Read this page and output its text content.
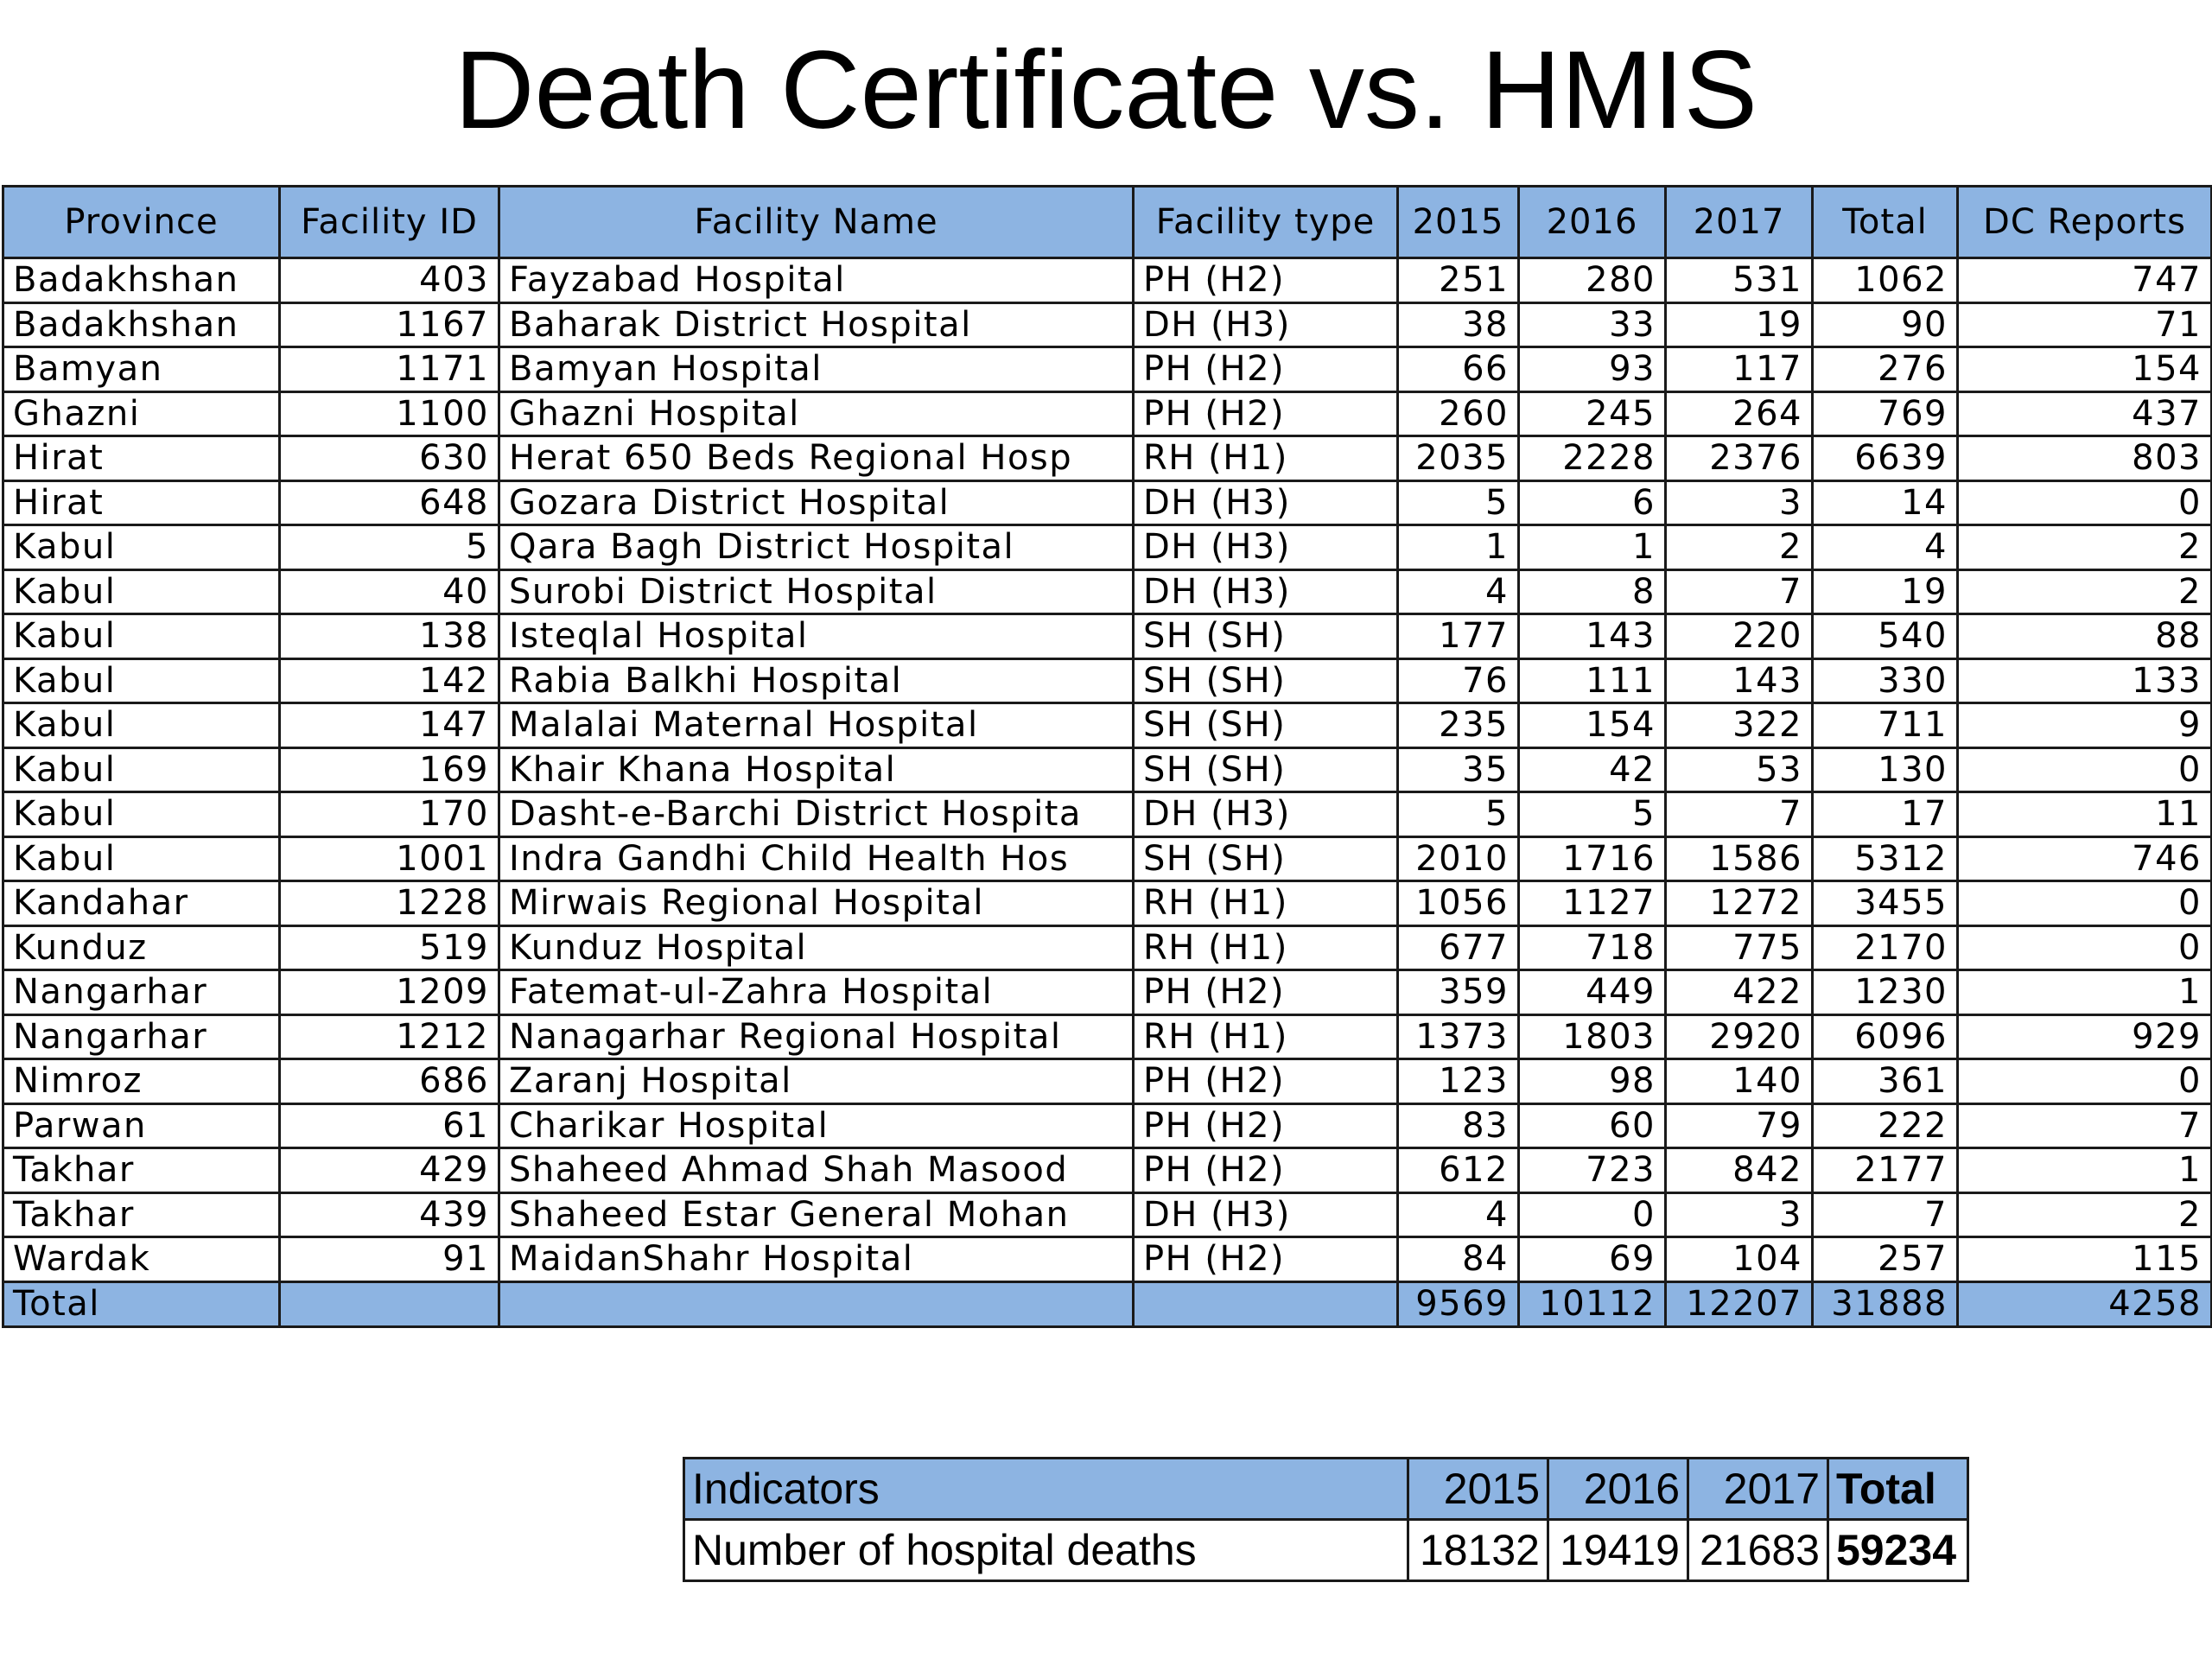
Death Certificate vs. HMIS
Province	Facility ID	Facility Name	Facility type	2015	2016	2017	Total	DC Reports
Badakhshan	403	Fayzabad Hospital	PH (H2)	251	280	531	1062	747
Badakhshan	1167	Baharak District Hospital	DH (H3)	38	33	19	90	71
Bamyan	1171	Bamyan Hospital	PH (H2)	66	93	117	276	154
Ghazni	1100	Ghazni Hospital	PH (H2)	260	245	264	769	437
Hirat	630	Herat 650 Beds Regional Hosp	RH (H1)	2035	2228	2376	6639	803
Hirat	648	Gozara District Hospital	DH (H3)	5	6	3	14	0
Kabul	5	Qara Bagh District Hospital	DH (H3)	1	1	2	4	2
Kabul	40	Surobi District Hospital	DH (H3)	4	8	7	19	2
Kabul	138	Isteqlal Hospital	SH (SH)	177	143	220	540	88
Kabul	142	Rabia Balkhi Hospital	SH (SH)	76	111	143	330	133
Kabul	147	Malalai Maternal Hospital	SH (SH)	235	154	322	711	9
Kabul	169	Khair Khana Hospital	SH (SH)	35	42	53	130	0
Kabul	170	Dasht-e-Barchi District Hospita	DH (H3)	5	5	7	17	11
Kabul	1001	Indra Gandhi Child Health Hos	SH (SH)	2010	1716	1586	5312	746
Kandahar	1228	Mirwais Regional Hospital	RH (H1)	1056	1127	1272	3455	0
Kunduz	519	Kunduz Hospital	RH (H1)	677	718	775	2170	0
Nangarhar	1209	Fatemat-ul-Zahra Hospital	PH (H2)	359	449	422	1230	1
Nangarhar	1212	Nanagarhar Regional Hospital	RH (H1)	1373	1803	2920	6096	929
Nimroz	686	Zaranj Hospital	PH (H2)	123	98	140	361	0
Parwan	61	Charikar Hospital	PH (H2)	83	60	79	222	7
Takhar	429	Shaheed Ahmad Shah Masood	PH (H2)	612	723	842	2177	1
Takhar	439	Shaheed Estar General Mohan	DH (H3)	4	0	3	7	2
Wardak	91	MaidanShahr Hospital	PH (H2)	84	69	104	257	115
Total				9569	10112	12207	31888	4258
Indicators	2015	2016	2017	Total
Number of hospital deaths	18132	19419	21683	59234
